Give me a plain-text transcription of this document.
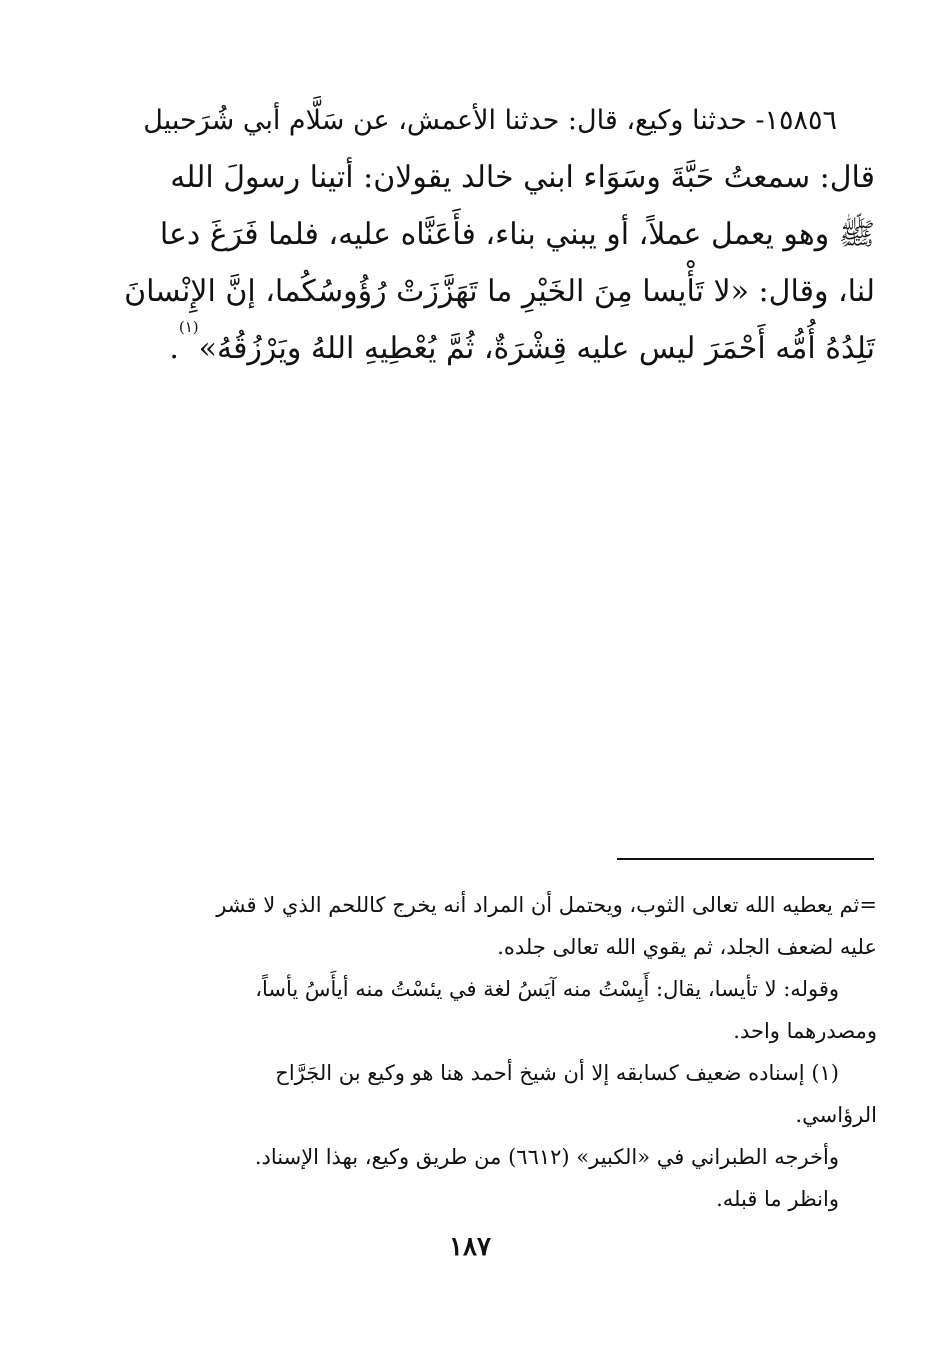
١٥٨٥٦- حدثنا وكيع، قال: حدثنا الأعمش، عن سَلَّام أبي شُرَحبيل
قال: سمعتُ حَبَّةَ وسَوَاء ابني خالد يقولان: أتينا رسولَ الله
ﷺ وهو يعمل عملاً، أو يبني بناء، فأَعَنَّاه عليه، فلما فَرَغَ دعا
لنا، وقال: «لا تَأْيسا مِنَ الخَيْرِ ما تَهَزَّزَتْ رُؤُوسُكُما، إنَّ الإِنْسانَ
تَلِدُهُ أُمُّه أَحْمَرَ ليس عليه قِشْرَةٌ، ثُمَّ يُعْطِيهِ اللهُ ويَرْزُقُهُ»$^{(١)}$.
=ثم يعطيه الله تعالى الثوب، ويحتمل أن المراد أنه يخرج كاللحم الذي لا قشر
عليه لضعف الجلد، ثم يقوي الله تعالى جلده.
وقوله: لا تأيسا، يقال: أَيِسْتُ منه آيَسُ لغة في يئسْتُ منه أيأَسُ يأساً،
ومصدرهما واحد.
(١) إسناده ضعيف كسابقه إلا أن شيخ أحمد هنا هو وكيع بن الجَرَّاح
الرؤاسي.
وأخرجه الطبراني في «الكبير» (٦٦١٢) من طريق وكيع، بهذا الإسناد.
وانظر ما قبله.
١٨٧
